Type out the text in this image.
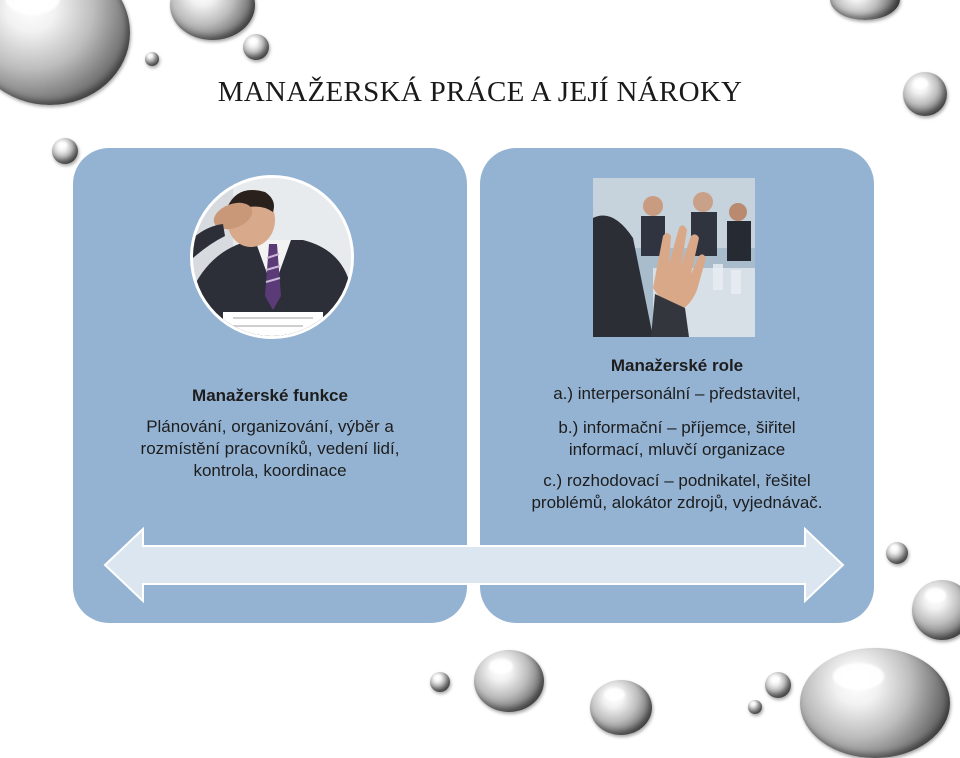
MANAŽERSKÁ PRÁCE A JEJÍ NÁROKY
Manažerské funkce
Plánování, organizování, výběr a
rozmístění pracovníků, vedení lidí,
kontrola, koordinace
Manažerské role
a.) interpersonální – představitel,
b.) informační – příjemce, šiřitel
informací, mluvčí organizace
c.) rozhodovací – podnikatel, řešitel
problémů, alokátor zdrojů, vyjednávač.
